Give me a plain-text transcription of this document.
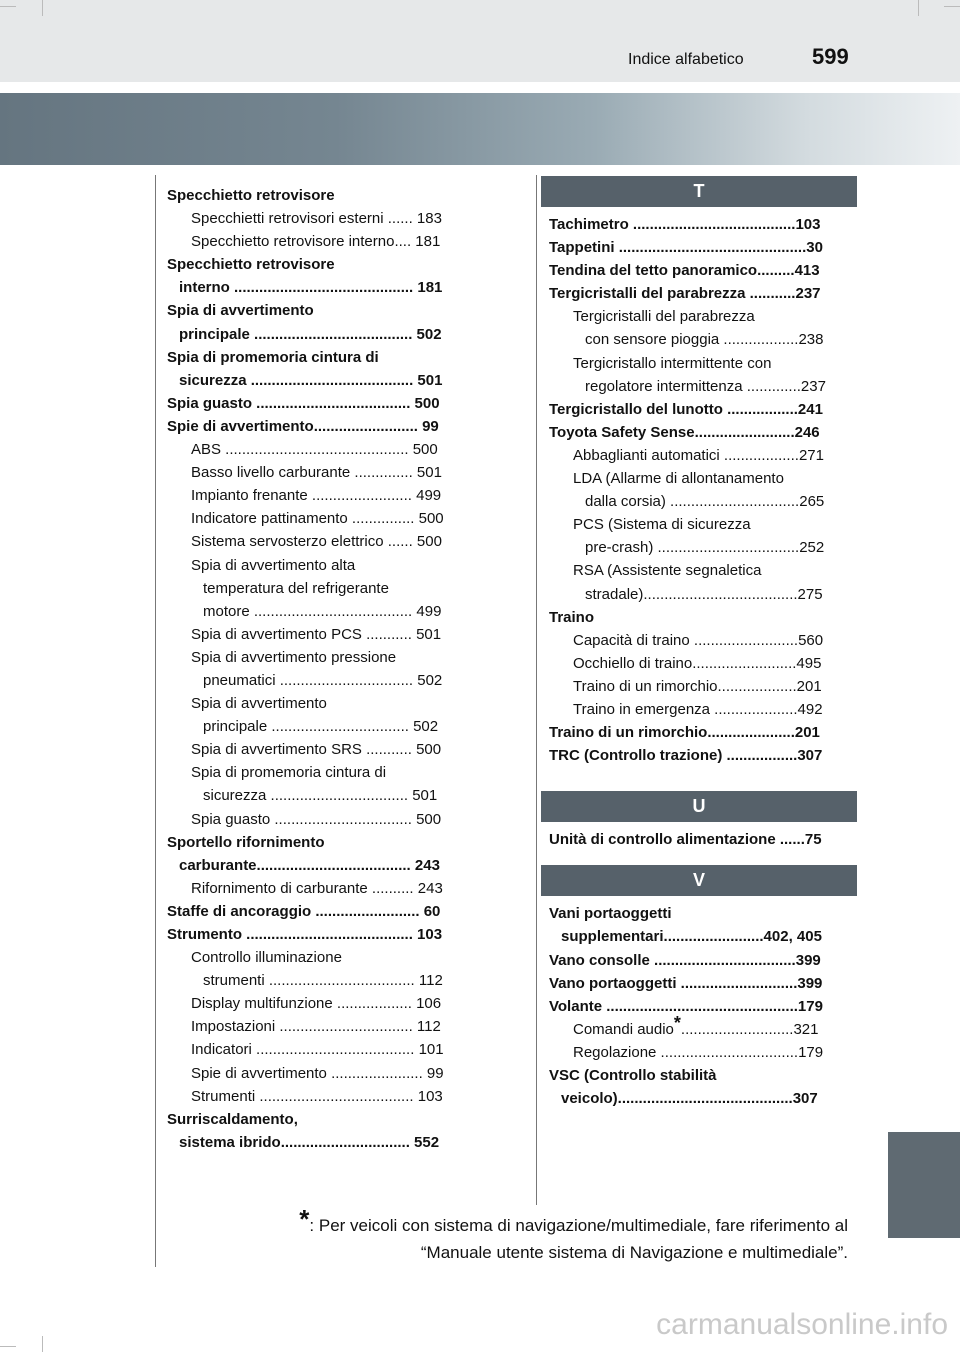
599
Indice alfabetico
Specchietto retrovisore
Specchietti retrovisori esterni ...... 183
Specchietto retrovisore interno.... 181
Specchietto retrovisore
interno ........................................... 181
Spia di avvertimento
principale ...................................... 502
Spia di promemoria cintura di
sicurezza ....................................... 501
Spia guasto ..................................... 500
Spie di avvertimento......................... 99
ABS ............................................ 500
Basso livello carburante .............. 501
Impianto frenante ........................ 499
Indicatore pattinamento ............... 500
Sistema servosterzo elettrico ...... 500
Spia di avvertimento alta
temperatura del refrigerante
motore ...................................... 499
Spia di avvertimento PCS ........... 501
Spia di avvertimento pressione
pneumatici ................................ 502
Spia di avvertimento
principale ................................. 502
Spia di avvertimento SRS ........... 500
Spia di promemoria cintura di
sicurezza ................................. 501
Spia guasto ................................. 500
Sportello rifornimento
carburante..................................... 243
Rifornimento di carburante .......... 243
Staffe di ancoraggio ......................... 60
Strumento ........................................ 103
Controllo illuminazione
strumenti ................................... 112
Display multifunzione .................. 106
Impostazioni ................................ 112
Indicatori ...................................... 101
Spie di avvertimento ...................... 99
Strumenti ..................................... 103
Surriscaldamento,
sistema ibrido............................... 552
T
Tachimetro .......................................103
Tappetini .............................................30
Tendina del tetto panoramico.........413
Tergicristalli del parabrezza ...........237
Tergicristalli del parabrezza
con sensore pioggia ..................238
Tergicristallo intermittente con
regolatore intermittenza .............237
Tergicristallo del lunotto .................241
Toyota Safety Sense........................246
Abbaglianti automatici ..................271
LDA (Allarme di allontanamento
dalla corsia) ...............................265
PCS (Sistema di sicurezza
pre-crash) ..................................252
RSA (Assistente segnaletica
stradale).....................................275
Traino
Capacità di traino .........................560
Occhiello di traino.........................495
Traino di un rimorchio...................201
Traino in emergenza ....................492
Traino di un rimorchio.....................201
TRC (Controllo trazione) .................307
U
Unità di controllo alimentazione ......75
V
Vani portaoggetti
supplementari........................402, 405
Vano consolle ..................................399
Vano portaoggetti ............................399
Volante ..............................................179
Comandi audio*...........................321
Regolazione .................................179
VSC (Controllo stabilità
veicolo)..........................................307
*: Per veicoli con sistema di navigazione/multimediale, fare riferimento al
“Manuale utente sistema di Navigazione e multimediale”.
carmanualsonline.info
